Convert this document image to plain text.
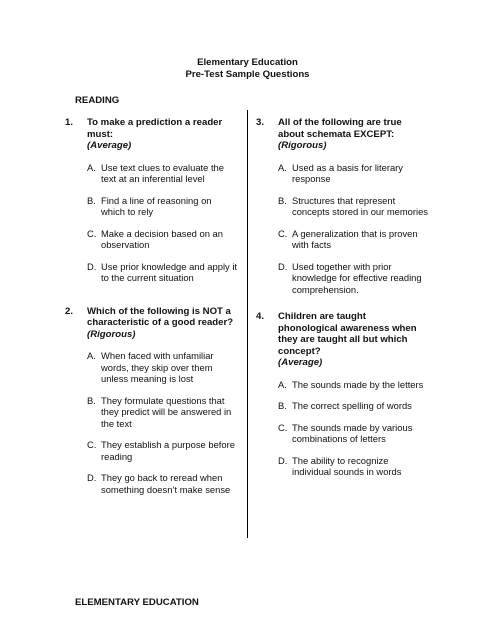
Elementary Education
Pre-Test Sample Questions
READING
1.	To make a prediction a reader must:
(Average)
A. Use text clues to evaluate the text at an inferential level
B. Find a line of reasoning on which to rely
C. Make a decision based on an observation
D. Use prior knowledge and apply it to the current situation
2.	Which of the following is NOT a characteristic of a good reader?
(Rigorous)
A. When faced with unfamiliar words, they skip over them unless meaning is lost
B. They formulate questions that they predict will be answered in the text
C. They establish a purpose before reading
D. They go back to reread when something doesn’t make sense
3.	All of the following are true about schemata EXCEPT:
(Rigorous)
A. Used as a basis for literary response
B. Structures that represent concepts stored in our memories
C. A generalization that is proven with facts
D. Used together with prior knowledge for effective reading comprehension.
4.	Children are taught phonological awareness when they are taught all but which concept?
(Average)
A. The sounds made by the letters
B. The correct spelling of words
C. The sounds made by various combinations of letters
D. The ability to recognize individual sounds in words
ELEMENTARY EDUCATION
